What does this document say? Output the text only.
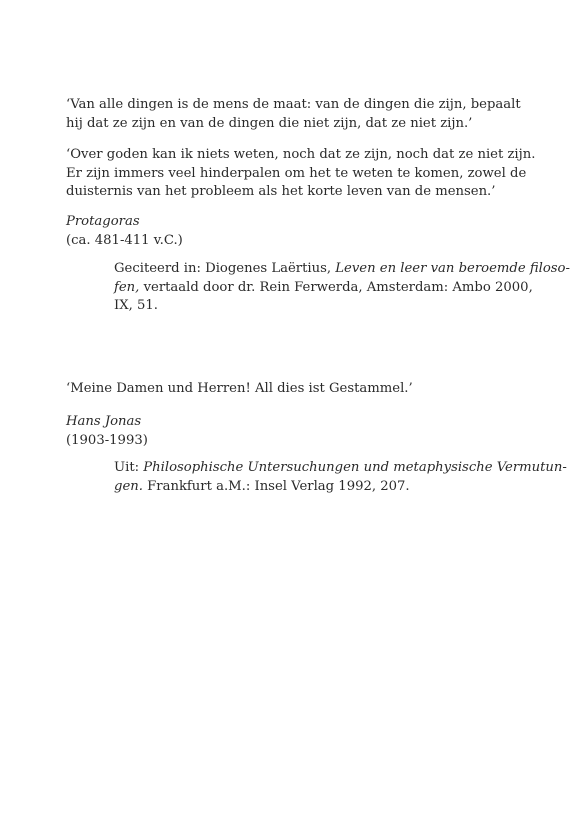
‘Van alle dingen is de mens de maat: van de dingen die zijn, bepaalt
hij dat ze zijn en van de dingen die niet zijn, dat ze niet zijn.’
‘Over goden kan ik niets weten, noch dat ze zijn, noch dat ze niet zijn.
Er zijn immers veel hinderpalen om het te weten te komen, zowel de
duisternis van het probleem als het korte leven van de mensen.’
Protagoras
(ca. 481-411 v.C.)
Geciteerd in: Diogenes Laërtius, Leven en leer van beroemde filoso-
fen, vertaald door dr. Rein Ferwerda, Amsterdam: Ambo 2000,
IX, 51.
‘Meine Damen und Herren! All dies ist Gestammel.’
Hans Jonas
(1903-1993)
Uit: Philosophische Untersuchungen und metaphysische Vermutun-
gen. Frankfurt a.M.: Insel Verlag 1992, 207.
